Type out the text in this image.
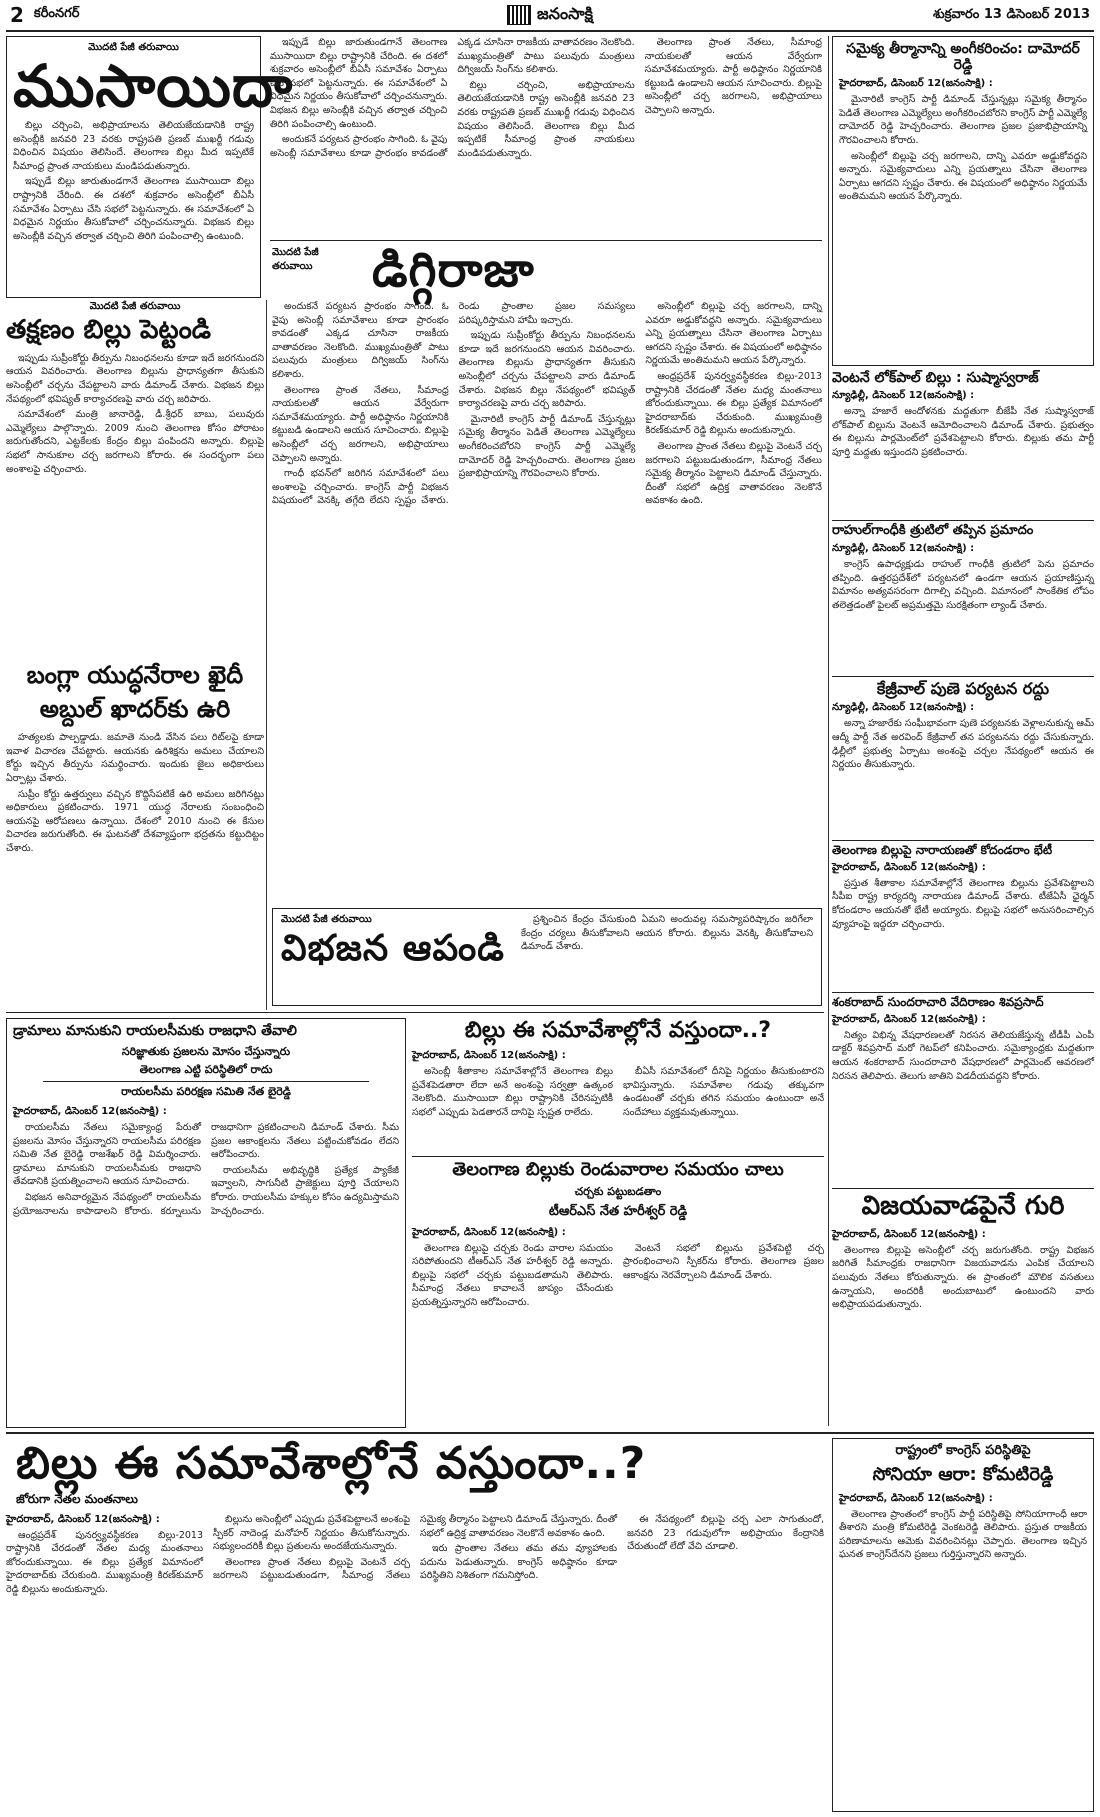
2 కరీంనగర్	జనంసాక్షి	శుక్రవారం 13 డిసెంబర్ 2013
మొదటి పేజీ తరువాయి
ముసాయిదా

బిల్లు చర్చించి, అభిప్రాయాలను తెలియజేయడానికి రాష్ట్ర అసెంబ్లీకి జనవరి 23 వరకు రాష్ట్రపతి ప్రణబ్ ముఖర్జీ గడువు విధించిన విషయం తెలిసిందే. తెలంగాణ బిల్లు మీద ఇప్పటికే సీమాంధ్ర ప్రాంత నాయకులు మండిపడుతున్నారు.

ఇప్పుడే బిల్లు జారుతుండగానే తెలంగాణ ముసాయిదా బిల్లు రాష్ట్రానికి చేరింది. ఈ దశలో శుక్రవారం అసెంబ్లీలో బీఏసీ సమావేశం ఏర్పాటు చేసి సభలో పెట్టనున్నారు. ఈ సమావేశంలో ఏ విధమైన నిర్ణయం తీసుకోవాలో చర్చించనున్నారు. విభజన బిల్లు అసెంబ్లీకి వచ్చిన తర్వాత చర్చించి తిరిగి పంపించాల్సి ఉంటుంది.

ఇప్పుడే బిల్లు జారుతుండగానే తెలంగాణ ముసాయిదా బిల్లు రాష్ట్రానికి చేరింది. ఈ దశలో శుక్రవారం అసెంబ్లీలో బీఏసీ సమావేశం ఏర్పాటు చేసి సభలో పెట్టనున్నారు. ఈ సమావేశంలో ఏ విధమైన నిర్ణయం తీసుకోవాలో చర్చించనున్నారు. విభజన బిల్లు అసెంబ్లీకి వచ్చిన తర్వాత చర్చించి తిరిగి పంపించాల్సి ఉంటుంది.

అందుకనే పర్యటన ప్రారంభం సాగింది. ఓ వైపు అసెంబ్లీ సమావేశాలు కూడా ప్రారంభం కావడంతో ఎక్కడ చూసినా రాజకీయ వాతావరణం నెలకొంది. ముఖ్యమంత్రితో పాటు పలువురు మంత్రులు దిగ్విజయ్ సింగ్‌ను కలిశారు.

బిల్లు చర్చించి, అభిప్రాయాలను తెలియజేయడానికి రాష్ట్ర అసెంబ్లీకి జనవరి 23 వరకు రాష్ట్రపతి ప్రణబ్ ముఖర్జీ గడువు విధించిన విషయం తెలిసిందే. తెలంగాణ బిల్లు మీద ఇప్పటికే సీమాంధ్ర ప్రాంత నాయకులు మండిపడుతున్నారు.

తెలంగాణ ప్రాంత నేతలు, సీమాంధ్ర నాయకులతో ఆయన వేర్వేరుగా సమావేశమయ్యారు. పార్టీ అధిష్ఠానం నిర్ణయానికి కట్టుబడి ఉండాలని ఆయన సూచించారు. బిల్లుపై అసెంబ్లీలో చర్చ జరగాలని, అభిప్రాయాలు చెప్పాలని అన్నారు.

మొదటి పేజీ తరువాయి
తక్షణం బిల్లు పెట్టండి

ఇప్పుడు సుప్రీంకోర్టు తీర్పును నిబంధనలను కూడా ఇదే జరగనుందని ఆయన వివరించారు. తెలంగాణ బిల్లును ప్రాధాన్యతగా తీసుకుని అసెంబ్లీలో చర్చను చేపట్టాలని వారు డిమాండ్ చేశారు. విభజన బిల్లు నేపథ్యంలో భవిష్యత్ కార్యాచరణపై వారు చర్చ జరిపారు.

సమావేశంలో మంత్రి జానారెడ్డి, డీ.శ్రీధర్ బాబు, పలువురు ఎమ్మెల్యేలు పాల్గొన్నారు. 2009 నుంచి తెలంగాణ కోసం పోరాటం జరుగుతోందని, ఎట్టకేలకు కేంద్రం బిల్లు పంపిందని అన్నారు. బిల్లుపై సభలో సానుకూల చర్చ జరగాలని కోరారు. ఈ సందర్భంగా పలు అంశాలపై చర్చించారు.

బంగ్లా యుద్ధనేరాల ఖైదీ
అబ్దుల్ ఖాదర్‌కు ఉరి

హత్యలకు పాల్పడ్డాడు. జమాతె నుండి వేసిన పలు రిట్‌లపై కూడా ఇవాళ విచారణ చేపట్టారు. ఆయనకు ఉరిశిక్షను అమలు చేయాలని కోర్టు ఇచ్చిన తీర్పును సమర్థించారు. ఇందుకు జైలు అధికారులు ఏర్పాట్లు చేశారు.

సుప్రీం కోర్టు ఉత్తర్వులు వచ్చిన కొద్దిసేపటికే ఉరి అమలు జరిగినట్లు అధికారులు ప్రకటించారు. 1971 యుద్ధ నేరాలకు సంబంధించి ఆయనపై ఆరోపణలు ఉన్నాయి. దేశంలో 2010 నుంచి ఈ కేసుల విచారణ జరుగుతోంది. ఈ ఘటనతో దేశవ్యాప్తంగా భద్రతను కట్టుదిట్టం చేశారు.

మొదటి పేజీ తరువాయి	డిగ్గిరాజా

అందుకనే పర్యటన ప్రారంభం సాగింది. ఓ వైపు అసెంబ్లీ సమావేశాలు కూడా ప్రారంభం కావడంతో ఎక్కడ చూసినా రాజకీయ వాతావరణం నెలకొంది. ముఖ్యమంత్రితో పాటు పలువురు మంత్రులు దిగ్విజయ్ సింగ్‌ను కలిశారు.

తెలంగాణ ప్రాంత నేతలు, సీమాంధ్ర నాయకులతో ఆయన వేర్వేరుగా సమావేశమయ్యారు. పార్టీ అధిష్ఠానం నిర్ణయానికి కట్టుబడి ఉండాలని ఆయన సూచించారు. బిల్లుపై అసెంబ్లీలో చర్చ జరగాలని, అభిప్రాయాలు చెప్పాలని అన్నారు.

గాంధీ భవన్‌లో జరిగిన సమావేశంలో పలు అంశాలపై చర్చించారు. కాంగ్రెస్ పార్టీ విభజన విషయంలో వెనక్కి తగ్గేది లేదని స్పష్టం చేశారు. రెండు ప్రాంతాల ప్రజల సమస్యలు పరిష్కరిస్తామని హామీ ఇచ్చారు.

ఇప్పుడు సుప్రీంకోర్టు తీర్పును నిబంధనలను కూడా ఇదే జరగనుందని ఆయన వివరించారు. తెలంగాణ బిల్లును ప్రాధాన్యతగా తీసుకుని అసెంబ్లీలో చర్చను చేపట్టాలని వారు డిమాండ్ చేశారు. విభజన బిల్లు నేపథ్యంలో భవిష్యత్ కార్యాచరణపై వారు చర్చ జరిపారు.

మైనారిటీ కాంగ్రెస్ పార్టీ డిమాండ్ చేస్తున్నట్లు సమైక్య తీర్మానం పెడితే తెలంగాణ ఎమ్మెల్యేలు అంగీకరించబోరని కాంగ్రెస్ పార్టీ ఎమ్మెల్యే దామోదర్ రెడ్డి హెచ్చరించారు. తెలంగాణ ప్రజల ప్రజాభిప్రాయాన్ని గౌరవించాలని కోరారు.

అసెంబ్లీలో బిల్లుపై చర్చ జరగాలని, దాన్ని ఎవరూ అడ్డుకోవద్దని అన్నారు. సమైక్యవాదులు ఎన్ని ప్రయత్నాలు చేసినా తెలంగాణ ఏర్పాటు ఆగదని స్పష్టం చేశారు. ఈ విషయంలో అధిష్ఠానం నిర్ణయమే అంతిమమని ఆయన పేర్కొన్నారు.

ఆంధ్రప్రదేశ్ పునర్వ్యవస్థీకరణ బిల్లు-2013 రాష్ట్రానికి చేరడంతో నేతల మధ్య మంతనాలు జోరందుకున్నాయి. ఈ బిల్లు ప్రత్యేక విమానంలో హైదరాబాద్‌కు చేరుకుంది. ముఖ్యమంత్రి కిరణ్‌కుమార్ రెడ్డి బిల్లును అందుకున్నారు.

తెలంగాణ ప్రాంత నేతలు బిల్లుపై వెంటనే చర్చ జరగాలని పట్టుబడుతుండగా, సీమాంధ్ర నేతలు సమైక్య తీర్మానం పెట్టాలని డిమాండ్ చేస్తున్నారు. దీంతో సభలో ఉద్రిక్త వాతావరణం నెలకొనే అవకాశం ఉంది.

మొదటి పేజీ తరువాయి
విభజన ఆపండి

ప్రశ్నించిన కేంద్రం చేసుకుంది ఏమని అందువల్ల సమస్యాపరిష్కారం జరిగేలా కేంద్రం చర్యలు తీసుకోవాలని ఆయన కోరారు. బిల్లును వెనక్కి తీసుకోవాలని డిమాండ్ చేశారు.

సమైక్య తీర్మానాన్ని అంగీకరించం: దామోదర్ రెడ్డి
హైదరాబాద్, డిసెంబర్ 12(జనంసాక్షి) :

మైనారిటీ కాంగ్రెస్ పార్టీ డిమాండ్ చేస్తున్నట్లు సమైక్య తీర్మానం పెడితే తెలంగాణ ఎమ్మెల్యేలు అంగీకరించబోరని కాంగ్రెస్ పార్టీ ఎమ్మెల్యే దామోదర్ రెడ్డి హెచ్చరించారు. తెలంగాణ ప్రజల ప్రజాభిప్రాయాన్ని గౌరవించాలని కోరారు.

అసెంబ్లీలో బిల్లుపై చర్చ జరగాలని, దాన్ని ఎవరూ అడ్డుకోవద్దని అన్నారు. సమైక్యవాదులు ఎన్ని ప్రయత్నాలు చేసినా తెలంగాణ ఏర్పాటు ఆగదని స్పష్టం చేశారు. ఈ విషయంలో అధిష్ఠానం నిర్ణయమే అంతిమమని ఆయన పేర్కొన్నారు.

వెంటనే లోక్‌పాల్ బిల్లు : సుష్మాస్వరాజ్
న్యూఢిల్లీ, డిసెంబర్ 12(జనంసాక్షి) :

అన్నా హజారే ఆందోళనకు మద్దతుగా బీజేపీ నేత సుష్మాస్వరాజ్ లోక్‌పాల్ బిల్లును వెంటనే ఆమోదించాలని డిమాండ్ చేశారు. ప్రభుత్వం ఈ బిల్లును పార్లమెంట్‌లో ప్రవేశపెట్టాలని కోరారు. బిల్లుకు తమ పార్టీ పూర్తి మద్దతు ఇస్తుందని ప్రకటించారు.

రాహుల్‌గాంధీకి త్రుటిలో తప్పిన ప్రమాదం
న్యూఢిల్లీ, డిసెంబర్ 12(జనంసాక్షి) :

కాంగ్రెస్ ఉపాధ్యక్షుడు రాహుల్ గాంధీకి త్రుటిలో పెను ప్రమాదం తప్పింది. ఉత్తరప్రదేశ్‌లో పర్యటనలో ఉండగా ఆయన ప్రయాణిస్తున్న విమానం అత్యవసరంగా దిగాల్సి వచ్చింది. విమానంలో సాంకేతిక లోపం తలెత్తడంతో పైలట్ అప్రమత్తమై సురక్షితంగా ల్యాండ్ చేశారు.

కేజ్రీవాల్ పుణె పర్యటన రద్దు
న్యూఢిల్లీ, డిసెంబర్ 12(జనంసాక్షి) :

అన్నా హజారేకు సంఘీభావంగా పుణె పర్యటనకు వెళ్లాలనుకున్న ఆమ్ ఆద్మీ పార్టీ నేత అరవింద్ కేజ్రీవాల్ తన పర్యటనను రద్దు చేసుకున్నారు. ఢిల్లీలో ప్రభుత్వ ఏర్పాటు అంశంపై చర్చల నేపథ్యంలో ఆయన ఈ నిర్ణయం తీసుకున్నారు.

తెలంగాణ బిల్లుపై నారాయణతో కోదండరాం భేటీ
హైదరాబాద్, డిసెంబర్ 12(జనంసాక్షి) :

ప్రస్తుత శీతాకాల సమావేశాల్లోనే తెలంగాణ బిల్లును ప్రవేశపెట్టాలని సీపీఐ రాష్ట్ర కార్యదర్శి నారాయణ డిమాండ్ చేశారు. టీజేఏసీ ఛైర్మన్ కోదండరాం ఆయనతో భేటీ అయ్యారు. బిల్లుపై సభలో అనుసరించాల్సిన వ్యూహంపై ఇద్దరూ చర్చించారు.

శంకరాబాద్ సుందరాచారి వేదిరాణం శివప్రసాద్
హైదరాబాద్, డిసెంబర్ 12(జనంసాక్షి) :

నిత్యం విభిన్న వేషధారణలతో నిరసన తెలియజేస్తున్న టీడీపీ ఎంపీ డాక్టర్ శివప్రసాద్ మరో గెటప్‌లో కనిపించారు. సమైక్యాంధ్రకు మద్దతుగా ఆయన శంకరాబాద్ సుందరాచారి వేషధారణలో పార్లమెంట్ ఆవరణలో నిరసన తెలిపారు. తెలుగు జాతిని విడదీయవద్దని కోరారు.

విజయవాడపైనే గురి
హైదరాబాద్, డిసెంబర్ 12(జనంసాక్షి) :

తెలంగాణ బిల్లుపై అసెంబ్లీలో చర్చ జరుగుతోంది. రాష్ట్ర విభజన జరిగితే సీమాంధ్రకు రాజధానిగా విజయవాడను ఎంపిక చేయాలని పలువురు నేతలు కోరుతున్నారు. ఈ ప్రాంతంలో మౌలిక వసతులు ఉన్నాయని, అందరికీ అందుబాటులో ఉంటుందని వారు అభిప్రాయపడుతున్నారు.

డ్రామాలు మానుకుని రాయలసీమకు రాజధాని తేవాలి
సరిజ్ఞాతుకు ప్రజలను మోసం చేస్తున్నారు
తెలంగాణ ఎట్టి పరిస్థితిలో రాదు
రాయలసీమ పరిరక్షణ సమితి నేత బైరెడ్డి
హైదరాబాద్, డిసెంబర్ 12(జనంసాక్షి) :

రాయలసీమ నేతలు సమైక్యాంధ్ర పేరుతో ప్రజలను మోసం చేస్తున్నారని రాయలసీమ పరిరక్షణ సమితి నేత బైరెడ్డి రాజశేఖర్ రెడ్డి విమర్శించారు. డ్రామాలు మానుకుని రాయలసీమకు రాజధాని తేవడానికి ప్రయత్నించాలని ఆయన సూచించారు.

విభజన అనివార్యమైన నేపథ్యంలో రాయలసీమ ప్రయోజనాలను కాపాడాలని కోరారు. కర్నూలును రాజధానిగా ప్రకటించాలని డిమాండ్ చేశారు. సీమ ప్రజల ఆకాంక్షలను నేతలు పట్టించుకోవడం లేదని ఆరోపించారు.

రాయలసీమ అభివృద్ధికి ప్రత్యేక ప్యాకేజీ ఇవ్వాలని, సాగునీటి ప్రాజెక్టులు పూర్తి చేయాలని కోరారు. రాయలసీమ హక్కుల కోసం ఉద్యమిస్తామని హెచ్చరించారు.

బిల్లు ఈ సమావేశాల్లోనే వస్తుందా..?
హైదరాబాద్, డిసెంబర్ 12(జనంసాక్షి) :

అసెంబ్లీ శీతాకాల సమావేశాల్లోనే తెలంగాణ బిల్లు ప్రవేశపెడతారా లేదా అనే అంశంపై సర్వత్రా ఉత్కంఠ నెలకొంది. ముసాయిదా బిల్లు రాష్ట్రానికి చేరినప్పటికీ సభలో ఎప్పుడు పెడతారనే దానిపై స్పష్టత రాలేదు.

బీఏసీ సమావేశంలో దీనిపై నిర్ణయం తీసుకుంటారని భావిస్తున్నారు. సమావేశాల గడువు తక్కువగా ఉండటంతో చర్చకు తగిన సమయం ఉంటుందా అనే సందేహాలు వ్యక్తమవుతున్నాయి.

తెలంగాణ బిల్లుకు రెండువారాల సమయం చాలు
చర్చకు పట్టుబడతాం
టీఆర్ఎస్ నేత హరీశ్వర్ రెడ్డి
హైదరాబాద్, డిసెంబర్ 12(జనంసాక్షి) :

తెలంగాణ బిల్లుపై చర్చకు రెండు వారాల సమయం సరిపోతుందని టీఆర్ఎస్ నేత హరీశ్వర్ రెడ్డి అన్నారు. బిల్లుపై సభలో చర్చకు పట్టుబడతామని తెలిపారు. సీమాంధ్ర నేతలు కావాలనే జాప్యం చేసేందుకు ప్రయత్నిస్తున్నారని ఆరోపించారు.

వెంటనే సభలో బిల్లును ప్రవేశపెట్టి చర్చ ప్రారంభించాలని స్పీకర్‌ను కోరారు. తెలంగాణ ప్రజల ఆకాంక్షను నెరవేర్చాలని డిమాండ్ చేశారు.

బిల్లు ఈ సమావేశాల్లోనే వస్తుందా..?
జోరుగా నేతల మంతనాలు
హైదరాబాద్, డిసెంబర్ 12(జనంసాక్షి) :

ఆంధ్రప్రదేశ్ పునర్వ్యవస్థీకరణ బిల్లు-2013 రాష్ట్రానికి చేరడంతో నేతల మధ్య మంతనాలు జోరందుకున్నాయి. ఈ బిల్లు ప్రత్యేక విమానంలో హైదరాబాద్‌కు చేరుకుంది. ముఖ్యమంత్రి కిరణ్‌కుమార్ రెడ్డి బిల్లును అందుకున్నారు.

బిల్లును అసెంబ్లీలో ఎప్పుడు ప్రవేశపెట్టాలనే అంశంపై స్పీకర్ నాదెండ్ల మనోహర్ నిర్ణయం తీసుకోనున్నారు. సభ్యులందరికీ బిల్లు ప్రతులను అందజేయనున్నారు.

తెలంగాణ ప్రాంత నేతలు బిల్లుపై వెంటనే చర్చ జరగాలని పట్టుబడుతుండగా, సీమాంధ్ర నేతలు సమైక్య తీర్మానం పెట్టాలని డిమాండ్ చేస్తున్నారు. దీంతో సభలో ఉద్రిక్త వాతావరణం నెలకొనే అవకాశం ఉంది.

ఇరు ప్రాంతాల నేతలు తమ తమ వ్యూహాలకు పదును పెడుతున్నారు. కాంగ్రెస్ అధిష్ఠానం కూడా పరిస్థితిని నిశితంగా గమనిస్తోంది.

ఈ నేపథ్యంలో బిల్లుపై చర్చ ఎలా సాగుతుందో, జనవరి 23 గడువులోగా అభిప్రాయం కేంద్రానికి చేరుతుందో లేదో వేచి చూడాలి.

రాష్ట్రంలో కాంగ్రెస్ పరిస్థితిపై
సోనియా ఆరా: కోమటిరెడ్డి
హైదరాబాద్, డిసెంబర్ 12(జనంసాక్షి) :

తెలంగాణ ప్రాంతంలో కాంగ్రెస్ పార్టీ పరిస్థితిపై సోనియాగాంధీ ఆరా తీశారని మంత్రి కోమటిరెడ్డి వెంకటరెడ్డి తెలిపారు. ప్రస్తుత రాజకీయ పరిణామాలను ఆమెకు వివరించినట్లు చెప్పారు. తెలంగాణ ఇచ్చిన ఘనత కాంగ్రెస్‌దేనని ప్రజలు గుర్తిస్తున్నారని అన్నారు.
